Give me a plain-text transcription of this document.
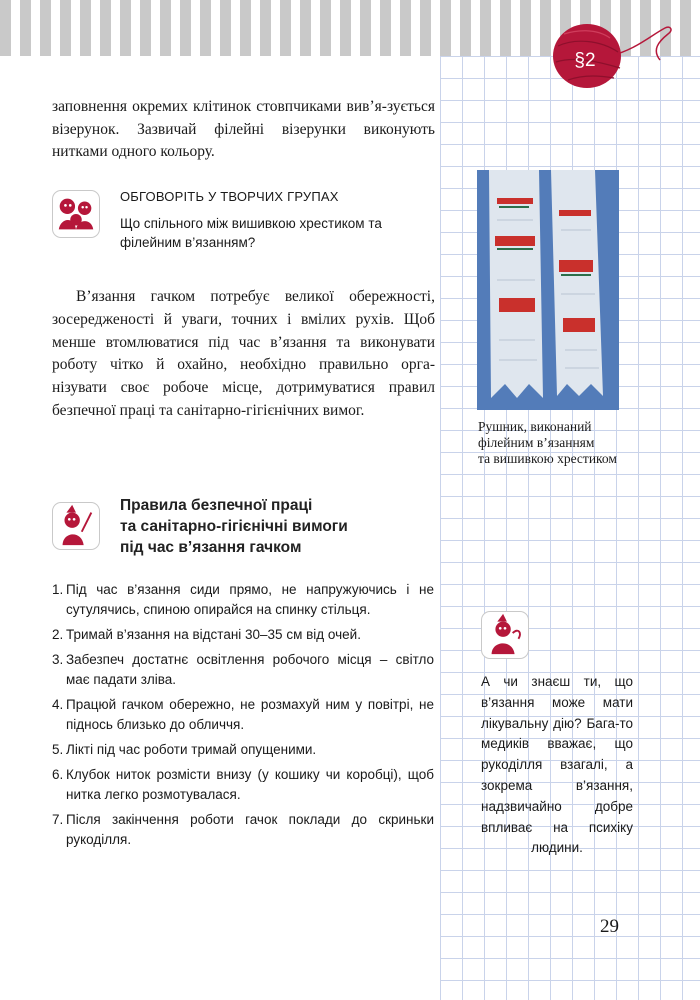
§2

заповнення окремих клітинок стовпчиками вив’я-зується візерунок. Зазвичай філейні візерунки виконують нитками одного кольору.

ОБГОВОРІТЬ У ТВОРЧИХ ГРУПАХ
Що спільного між вишивкою хрестиком та філейним в’язанням?

В’язання гачком потребує великої обережності, зосередженості й уваги, точних і вмілих рухів. Щоб менше втомлюватися під час в’язання та виконувати роботу чітко й охайно, необхідно правильно орга-нізувати своє робоче місце, дотримуватися правил безпечної праці та санітарно-гігієнічних вимог.

Рушник, виконаний
філейним в’язанням
та вишивкою хрестиком
Правила безпечної праці
та санітарно-гігієнічні вимоги
під час в’язання гачком
1. Під час в’язання сиди прямо, не напружуючись і не сутулячись, спиною опирайся на спинку стільця.
2. Тримай в’язання на відстані 30–35 см від очей.
3. Забезпеч достатнє освітлення робочого місця – світло має падати зліва.
4. Працюй гачком обережно, не розмахуй ним у повітрі, не піднось близько до обличчя.
5. Лікті під час роботи тримай опущеними.
6. Клубок ниток розмісти внизу (у кошику чи коробці), щоб нитка легко розмотувалася.
7. Після закінчення роботи гачок поклади до скриньки рукоділля.

А чи знаєш ти, що в’язання може мати лікувальну дію? Бага-то медиків вважає, що рукоділля взагалі, а зокрема в’язання, надзвичайно добре впливає на психіку людини.

29
